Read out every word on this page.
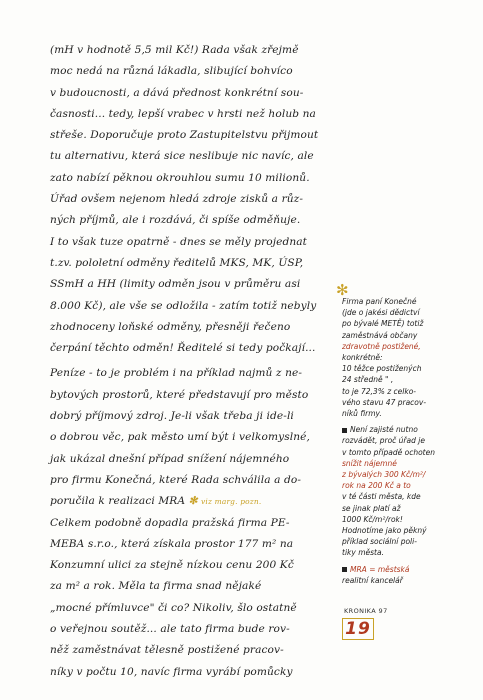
(mH v hodnotě 5,5 mil Kč!) Rada však zřejmě
moc nedá na různá lákadla, slibující bohvíco
v budoucnosti, a dává přednost konkrétní sou-
časnosti... tedy, lepší vrabec v hrsti než holub na
střeše. Doporučuje proto Zastupitelstvu přijmout
tu alternativu, která sice neslibuje nic navíc, ale
zato nabízí pěknou okrouhlou sumu 10 milionů.
Úřad ovšem nejenom hledá zdroje zisků a růz-
ných příjmů, ale i rozdává, či spíše odměňuje.
I to však tuze opatrně - dnes se měly projednat
t.zv. pololetní odměny ředitelů MKS, MK, ÚSP,
SSmH a HH (limity odměn jsou v průměru asi
8.000 Kč), ale vše se odložila - zatím totiž nebyly
zhodnoceny loňské odměny, přesněji řečeno
čerpání těchto odměn! Ředitelé si tedy počkají...
Peníze - to je problém i na příklad najmů z ne-
bytových prostorů, které představují pro město
dobrý příjmový zdroj. Je-li však třeba ji ide-li
o dobrou věc, pak město umí být i velkomyslné,
jak ukázal dnešní případ snížení nájemného
pro firmu Konečná, které Rada schválila a do-
poručila k realizaci MRA ✻ viz marg. pozn.
Celkem podobně dopadla pražská firma PE-
MEBA s.r.o., která získala prostor 177 m² na
Konzumní ulici za stejně nízkou cenu 200 Kč
za m² a rok. Měla ta firma snad nějaké
„mocné přímluvce" či co? Nikoliv, šlo ostatně
o veřejnou soutěž... ale tato firma bude rov-
něž zaměstnávat tělesně postižené pracov-
níky v počtu 10, navíc firma vyrábí pomůcky
✻
Firma paní Konečné
(jde o jakési dědictví
po bývalé METĚ) totiž
zaměstnává občany
zdravotně postižené,
konkrétně:
10 těžce postižených
24 středně " ,
to je 72,3% z celko-
vého stavu 47 pracov-
níků firmy.
Není zajisté nutno
rozvádět, proč úřad je
v tomto případě ochoten
snížit nájemné
z bývalých 300 Kč/m²/
rok na 200 Kč a to
v té části města, kde
se jinak platí až
1000 Kč/m²/rok!
Hodnotíme jako pěkný
příklad sociální poli-
tiky města.
MRA = městská
realitní kancelář
KRONIKA 97
19
